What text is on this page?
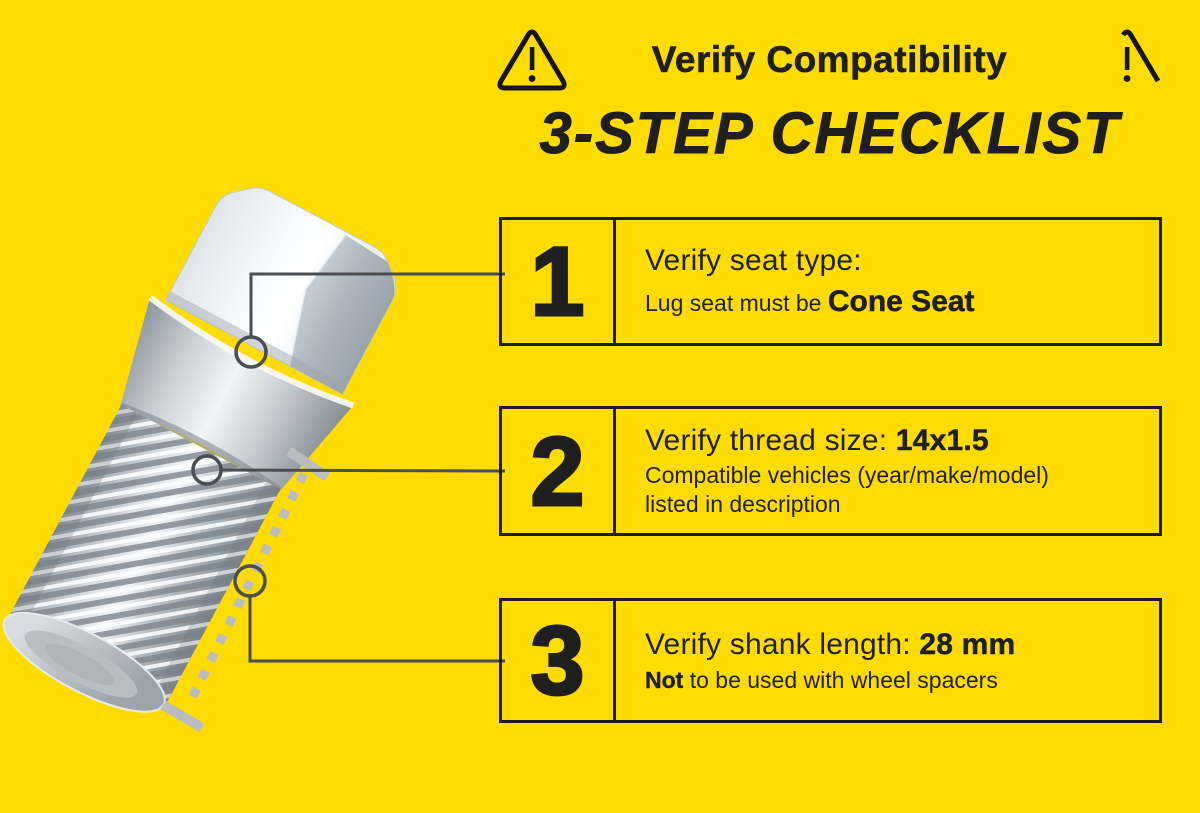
Verify Compatibility
3-STEP CHECKLIST
1 Verify seat type:
Lug seat must be Cone Seat
2 Verify thread size: 14x1.5
Compatible vehicles (year/make/model)
listed in description
3 Verify shank length: 28 mm
Not to be used with wheel spacers
